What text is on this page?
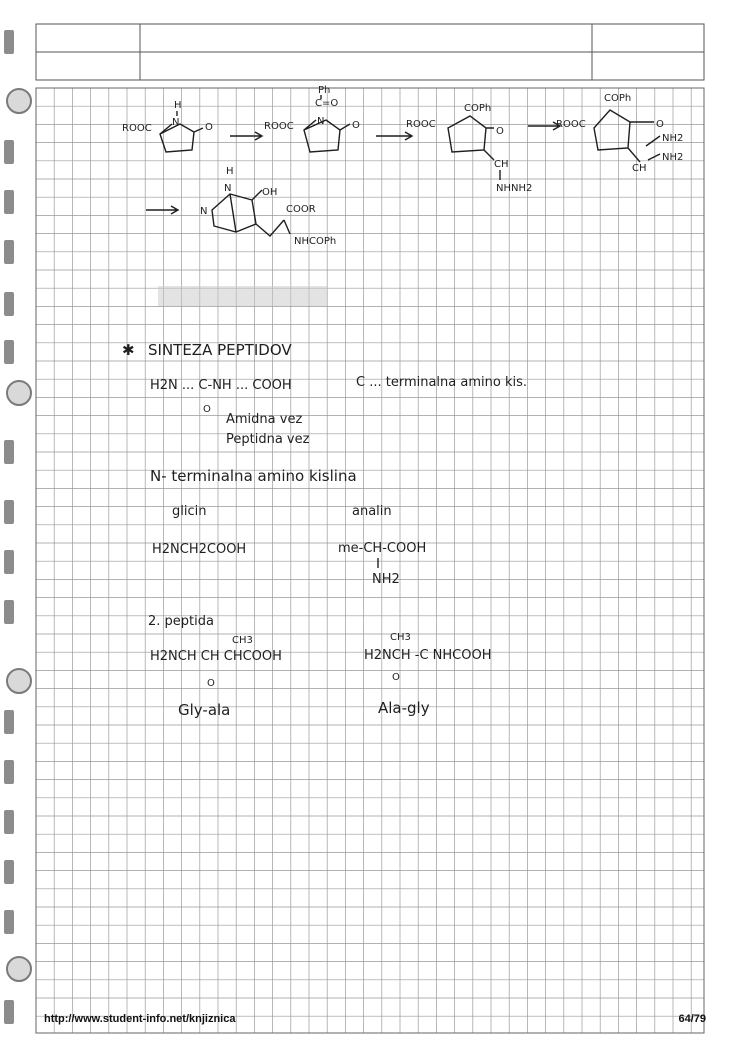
ROOC
H
N	O
Ph
C=O
ROOC N	O	ROOC
COPh
O
CH
NHNH2
ROOC
COPh
O
NH2
NH2
CH
H
N
N
OH
COOR
NHCOPh
✱ SINTEZA PEPTIDOV
H2N ... C-NH ... COOH
O
C ... terminalna amino kis.
Amidna vez
Peptidna vez
N- terminalna amino kislina
glicin	analin
H2NCH2COOH	me-CH-COOH
NH2
2. peptida
CH3
H2NCH CH CHCOOH
O
CH3
H2NCH -C NHCOOH
O
Gly-ala	Ala-gly
http://www.student-info.net/knjiznica	64/79
